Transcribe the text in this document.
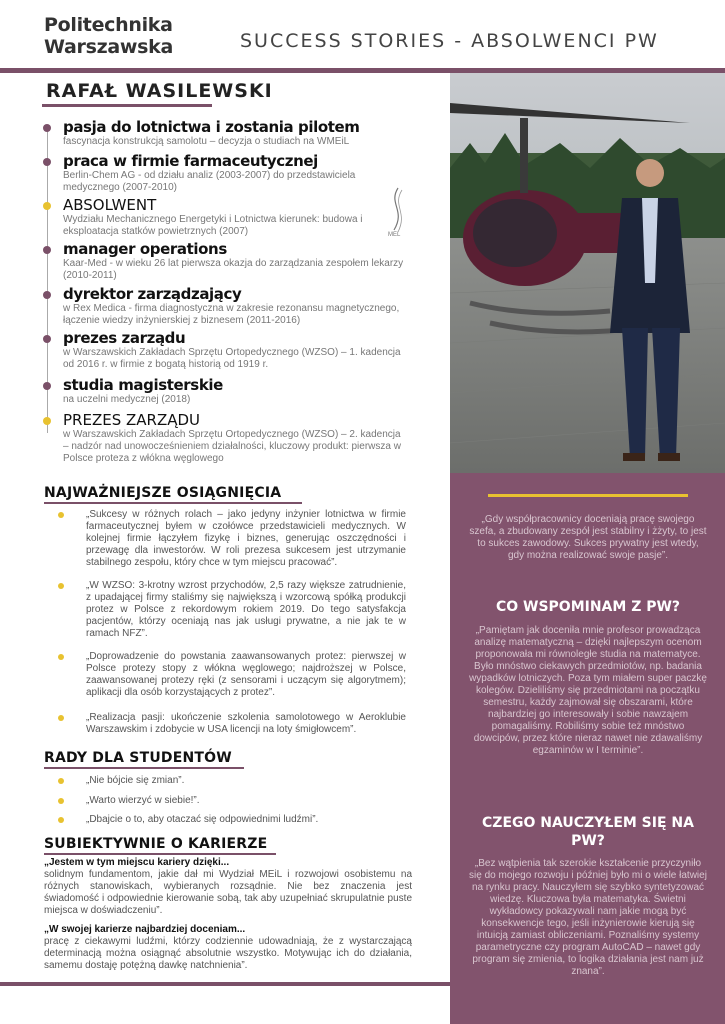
Politechnika
Warszawska	SUCCESS STORIES - ABSOLWENCI PW
RAFAŁ WASILEWSKI
pasja do lotnictwa i zostania pilotem
fascynacja konstrukcją samolotu – decyzja o studiach na WMEiL
praca w firmie farmaceutycznej
Berlin-Chem AG - od działu analiz (2003-2007) do przedstawiciela medycznego (2007-2010)
ABSOLWENT
Wydziału Mechanicznego Energetyki i Lotnictwa kierunek: budowa i eksploatacja statków powietrznych (2007)
manager operations
Kaar-Med - w wieku 26 lat pierwsza okazja do zarządzania zespołem lekarzy (2010-2011)
dyrektor zarządzający
w Rex Medica - firma diagnostyczna w zakresie rezonansu magnetycznego, łączenie wiedzy inżynierskiej z biznesem (2011-2016)
prezes zarządu
w Warszawskich Zakładach Sprzętu Ortopedycznego (WZSO) – 1. kadencja od 2016 r. w firmie z bogatą historią od 1919 r.
studia magisterskie
na uczelni medycznej (2018)
PREZES ZARZĄDU
w Warszawskich Zakładach Sprzętu Ortopedycznego (WZSO) – 2. kadencja – nadzór nad unowocześnieniem działalności, kluczowy produkt: pierwsza w Polsce proteza z włókna węglowego
MEL
NAJWAŻNIEJSZE OSIĄGNIĘCIA
„Sukcesy w różnych rolach – jako jedyny inżynier lotnictwa w firmie farmaceutycznej byłem w czołówce przedstawicieli medycznych. W kolejnej firmie łączyłem fizykę i biznes, generując oszczędności i przewagę dla inwestorów. W roli prezesa sukcesem jest utrzymanie stabilnego zespołu, który chce w tym miejscu pracować”.
„W WZSO: 3-krotny wzrost przychodów, 2,5 razy większe zatrudnienie, z upadającej firmy staliśmy się największą i wzorcową spółką produkcji protez w Polsce z rekordowym rokiem 2019. Do tego satysfakcja pacjentów, którzy oceniają nas jak usługi prywatne, a nie jak te w ramach NFZ”.
„Doprowadzenie do powstania zaawansowanych protez: pierwszej w Polsce protezy stopy z włókna węglowego; najdroższej w Polsce, zaawansowanej protezy ręki (z sensorami i uczącym się algorytmem); aplikacji dla osób korzystających z protez”.
„Realizacja pasji: ukończenie szkolenia samolotowego w Aeroklubie Warszawskim i zdobycie w USA licencji na loty śmigłowcem”.
RADY DLA STUDENTÓW
„Nie bójcie się zmian”.
„Warto wierzyć w siebie!”.
„Dbajcie o to, aby otaczać się odpowiednimi ludźmi”.
SUBIEKTYWNIE O KARIERZE
„Jestem w tym miejscu kariery dzięki...
solidnym fundamentom, jakie dał mi Wydział MEiL i rozwojowi osobistemu na różnych stanowiskach, wybieranych rozsądnie. Nie bez znaczenia jest świadomość i odpowiednie kierowanie sobą, tak aby uzupełniać skrupulatnie puste miejsca w doświadczeniu”.
„W swojej karierze najbardziej doceniam...
pracę z ciekawymi ludźmi, którzy codziennie udowadniają, że z wystarczającą determinacją można osiągnąć absolutnie wszystko. Motywując ich do działania, samemu dostaję potężną dawkę natchnienia”.
„Gdy współpracownicy doceniają pracę swojego szefa, a zbudowany zespół jest stabilny i żżyty, to jest to sukces zawodowy. Sukces prywatny jest wtedy, gdy można realizować swoje pasje”.
CO WSPOMINAM Z PW?
„Pamiętam jak doceniła mnie profesor prowadząca analizę matematyczną – dzięki najlepszym ocenom proponowała mi równoległe studia na matematyce. Było mnóstwo ciekawych przedmiotów, np. badania wypadków lotniczych. Poza tym miałem super paczkę kolegów. Dzieliliśmy się przedmiotami na początku semestru, każdy zajmował się obszarami, które najbardziej go interesowały i sobie nawzajem pomagaliśmy. Robiliśmy sobie też mnóstwo dowcipów, przez które nieraz nawet nie zdawaliśmy egzaminów w I terminie”.
CZEGO NAUCZYŁEM SIĘ NA PW?
„Bez wątpienia tak szerokie kształcenie przyczyniło się do mojego rozwoju i później było mi o wiele łatwiej na rynku pracy. Nauczyłem się szybko syntetyzować wiedzę. Kluczowa była matematyka. Świetni wykładowcy pokazywali nam jakie mogą być konsekwencje tego, jeśli inżynierowie kierują się intuicją zamiast obliczeniami. Poznaliśmy systemy parametryczne czy program AutoCAD – nawet gdy program się zmienia, to logika działania jest nam już znana”.
